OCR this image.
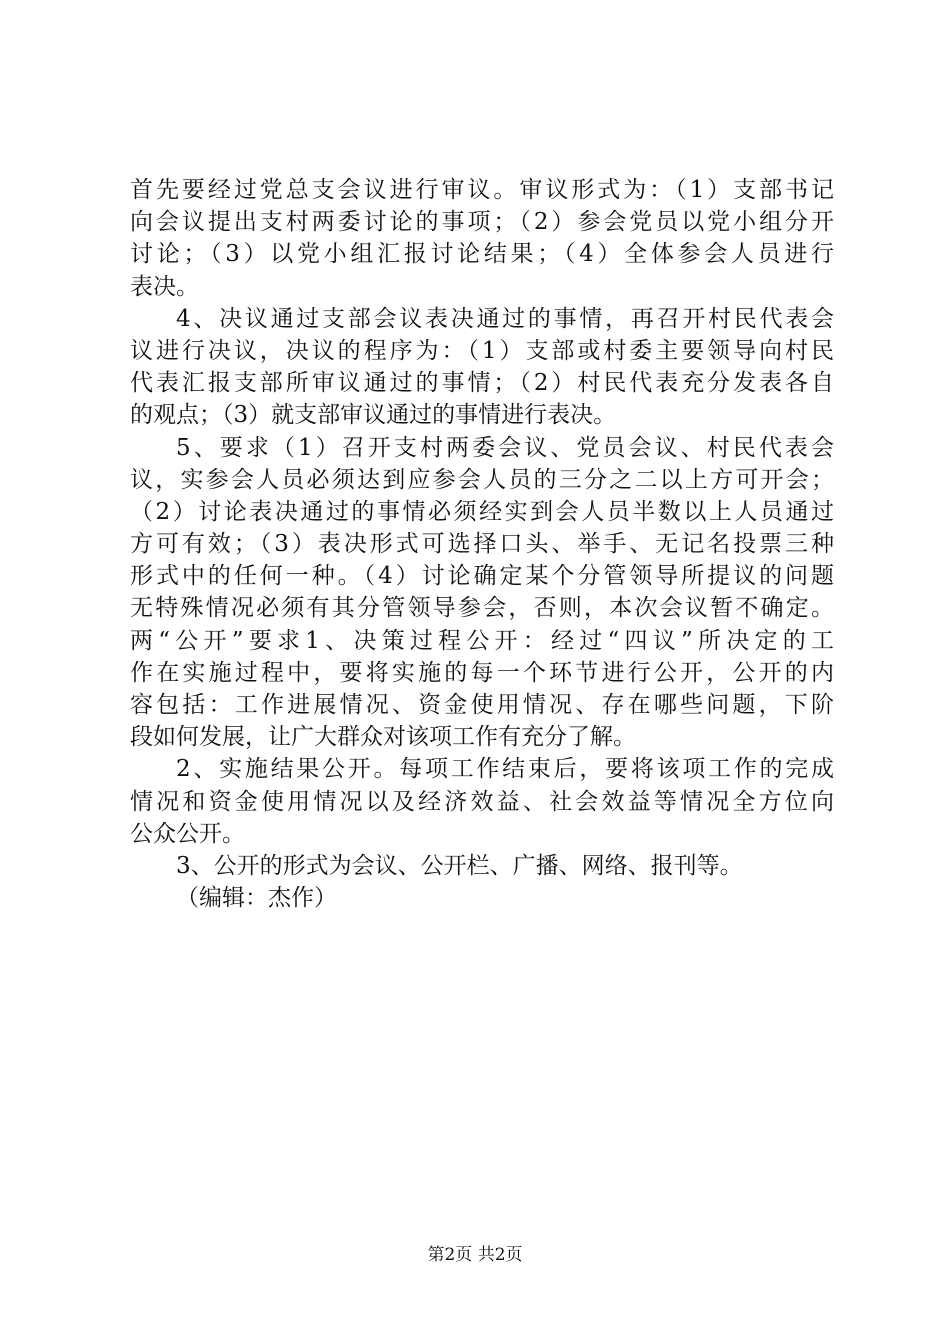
首先要经过党总支会议进行审议。审议形式为：（1）支部书记
向会议提出支村两委讨论的事项；（2）参会党员以党小组分开
讨论；（3）以党小组汇报讨论结果；（4）全体参会人员进行
表决。
4、决议通过支部会议表决通过的事情，再召开村民代表会
议进行决议，决议的程序为：（1）支部或村委主要领导向村民
代表汇报支部所审议通过的事情；（2）村民代表充分发表各自
的观点；（3）就支部审议通过的事情进行表决。
5、要求（1）召开支村两委会议、党员会议、村民代表会
议，实参会人员必须达到应参会人员的三分之二以上方可开会；
（2）讨论表决通过的事情必须经实到会人员半数以上人员通过
方可有效；（3）表决形式可选择口头、举手、无记名投票三种
形式中的任何一种。（4）讨论确定某个分管领导所提议的问题
无特殊情况必须有其分管领导参会，否则，本次会议暂不确定。
两“公开”要求1、决策过程公开：经过“四议”所决定的工
作在实施过程中，要将实施的每一个环节进行公开，公开的内
容包括：工作进展情况、资金使用情况、存在哪些问题，下阶
段如何发展，让广大群众对该项工作有充分了解。
2、实施结果公开。每项工作结束后，要将该项工作的完成
情况和资金使用情况以及经济效益、社会效益等情况全方位向
公众公开。
3、公开的形式为会议、公开栏、广播、网络、报刊等。
（编辑：杰作）
第2页 共2页
